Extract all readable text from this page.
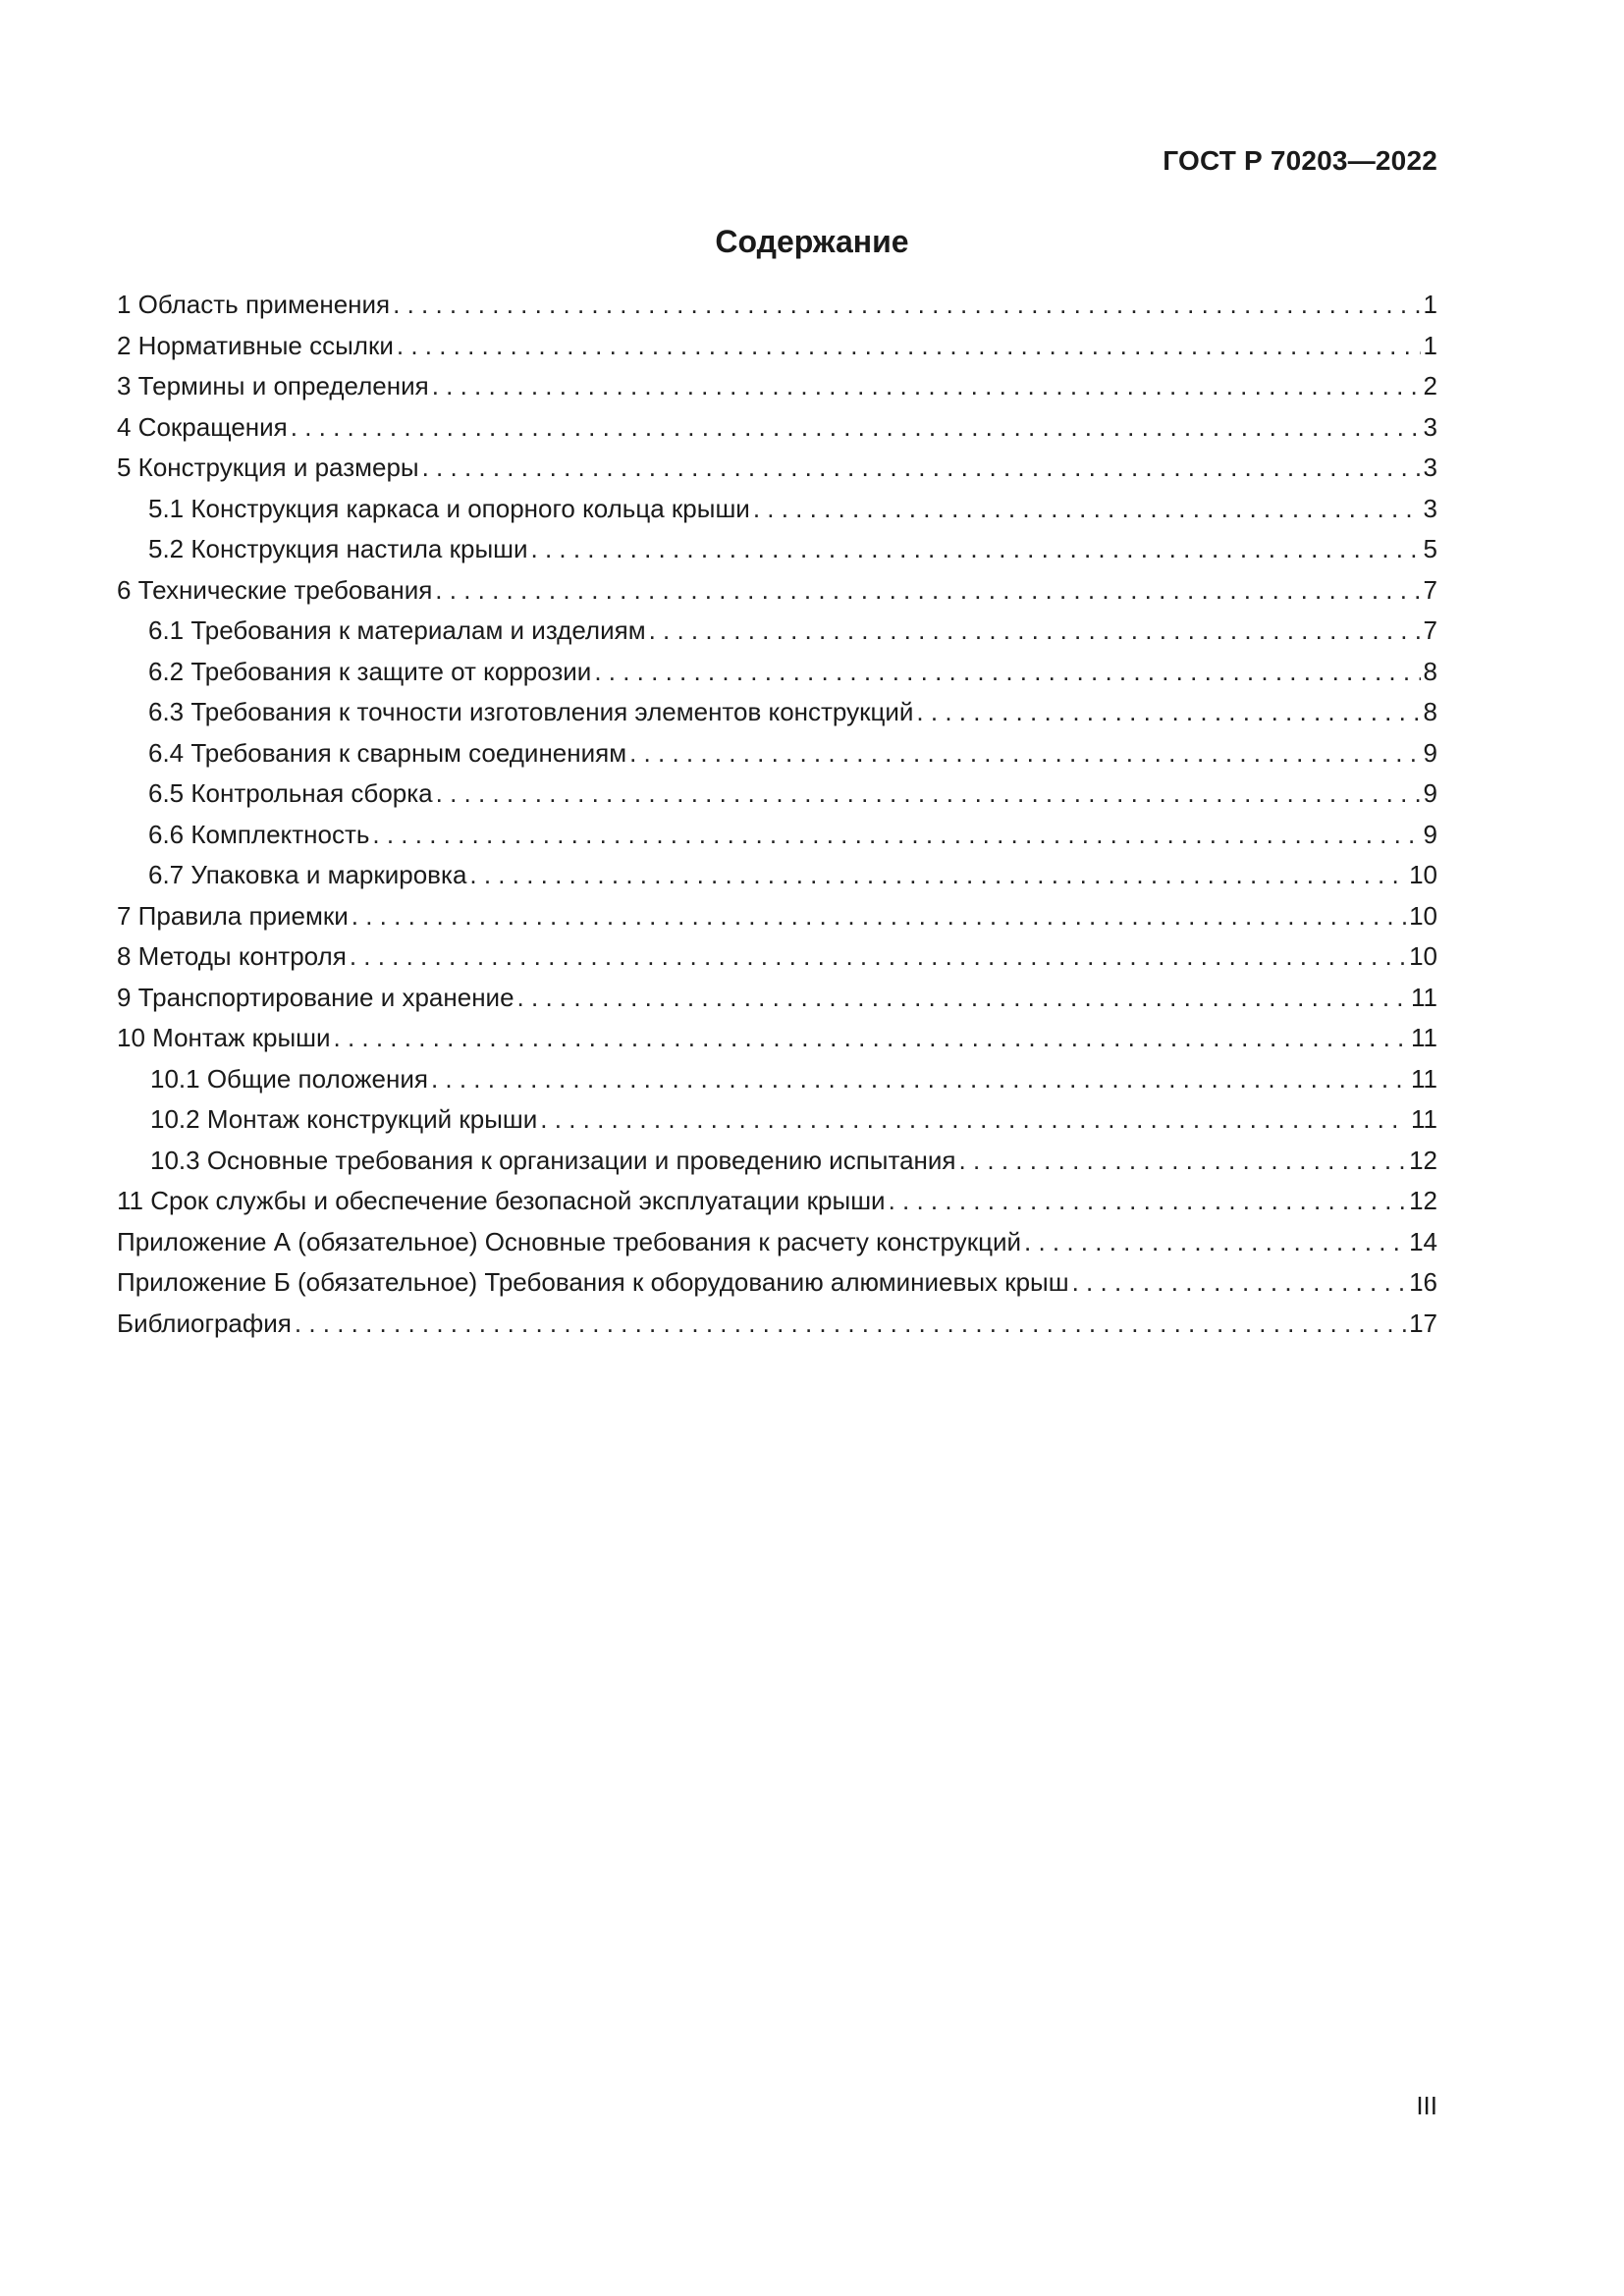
ГОСТ Р 70203—2022
Содержание
1 Область применения . . .	1
2 Нормативные ссылки . . .	1
3 Термины и определения . . .	2
4 Сокращения . . .	3
5 Конструкция и размеры . . .	3
5.1 Конструкция каркаса и опорного кольца крыши . . .	3
5.2 Конструкция настила крыши . . .	5
6 Технические требования . . .	7
6.1 Требования к материалам и изделиям . . .	7
6.2 Требования к защите от коррозии . . .	8
6.3 Требования к точности изготовления элементов конструкций . . .	8
6.4 Требования к сварным соединениям . . .	9
6.5 Контрольная сборка . . .	9
6.6 Комплектность . . .	9
6.7 Упаковка и маркировка . . .	10
7 Правила приемки . . .	10
8 Методы контроля . . .	10
9 Транспортирование и хранение . . .	11
10 Монтаж крыши . . .	11
10.1 Общие положения . . .	11
10.2 Монтаж конструкций крыши . . .	11
10.3 Основные требования к организации и проведению испытания . . .	12
11 Срок службы и обеспечение безопасной эксплуатации крыши . . .	12
Приложение А (обязательное) Основные требования к расчету конструкций . . .	14
Приложение Б (обязательное) Требования к оборудованию алюминиевых крыш . . .	16
Библиография . . .	17
III
